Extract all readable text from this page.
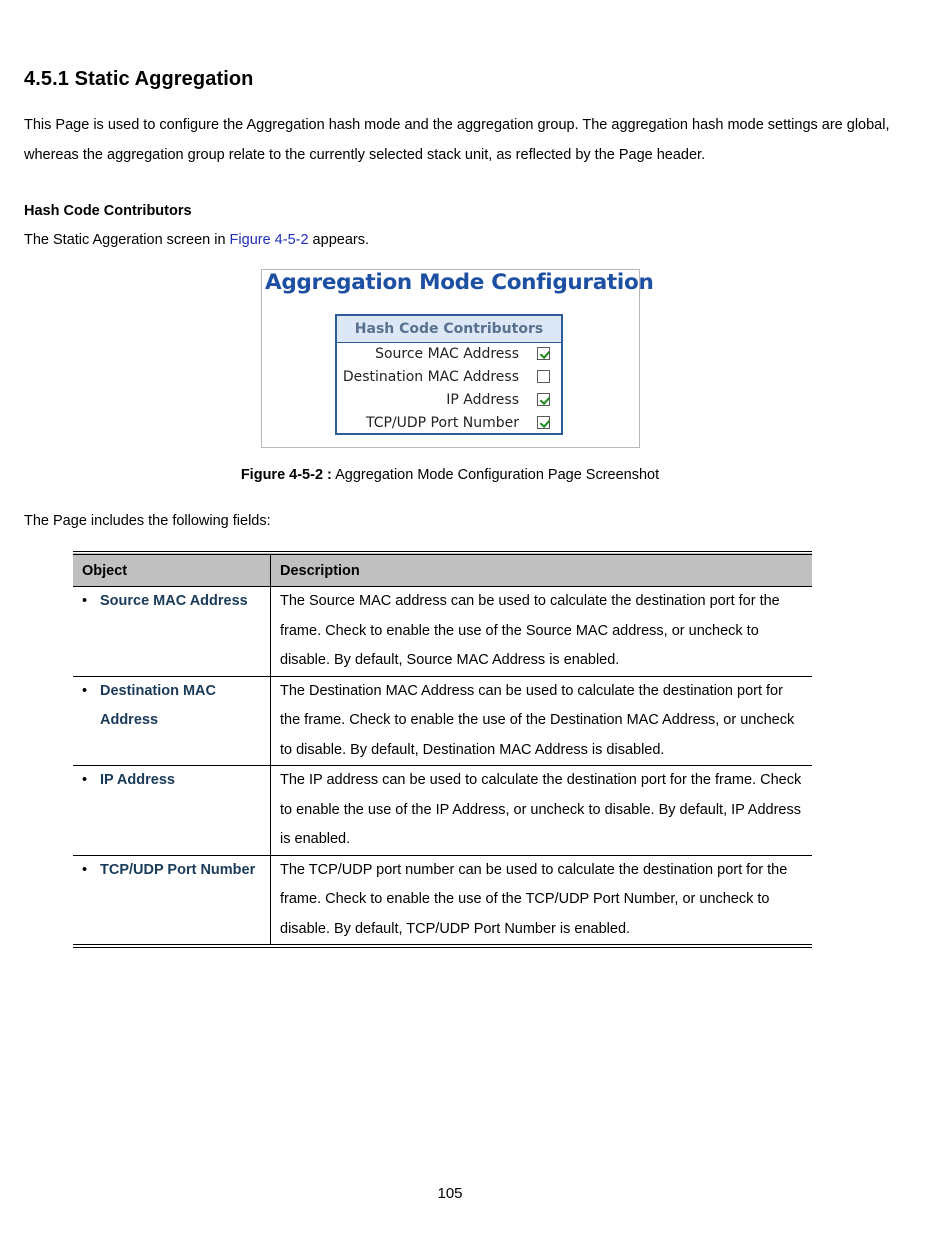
4.5.1 Static Aggregation

This Page is used to configure the Aggregation hash mode and the aggregation group. The aggregation hash mode settings are global, whereas the aggregation group relate to the currently selected stack unit, as reflected by the Page header.

Hash Code Contributors

The Static Aggeration screen in Figure 4-5-2 appears.

Aggregation Mode Configuration
Hash Code Contributors
Source MAC Address
Destination MAC Address
IP Address
TCP/UDP Port Number

Figure 4-5-2 : Aggregation Mode Configuration Page Screenshot

The Page includes the following fields:

Object	Description

• Source MAC Address	The Source MAC address can be used to calculate the destination port for the frame. Check to enable the use of the Source MAC address, or uncheck to disable. By default, Source MAC Address is enabled.

• Destination MAC Address	The Destination MAC Address can be used to calculate the destination port for the frame. Check to enable the use of the Destination MAC Address, or uncheck to disable. By default, Destination MAC Address is disabled.

• IP Address	The IP address can be used to calculate the destination port for the frame. Check to enable the use of the IP Address, or uncheck to disable. By default, IP Address is enabled.

• TCP/UDP Port Number	The TCP/UDP port number can be used to calculate the destination port for the frame. Check to enable the use of the TCP/UDP Port Number, or uncheck to disable. By default, TCP/UDP Port Number is enabled.

105
